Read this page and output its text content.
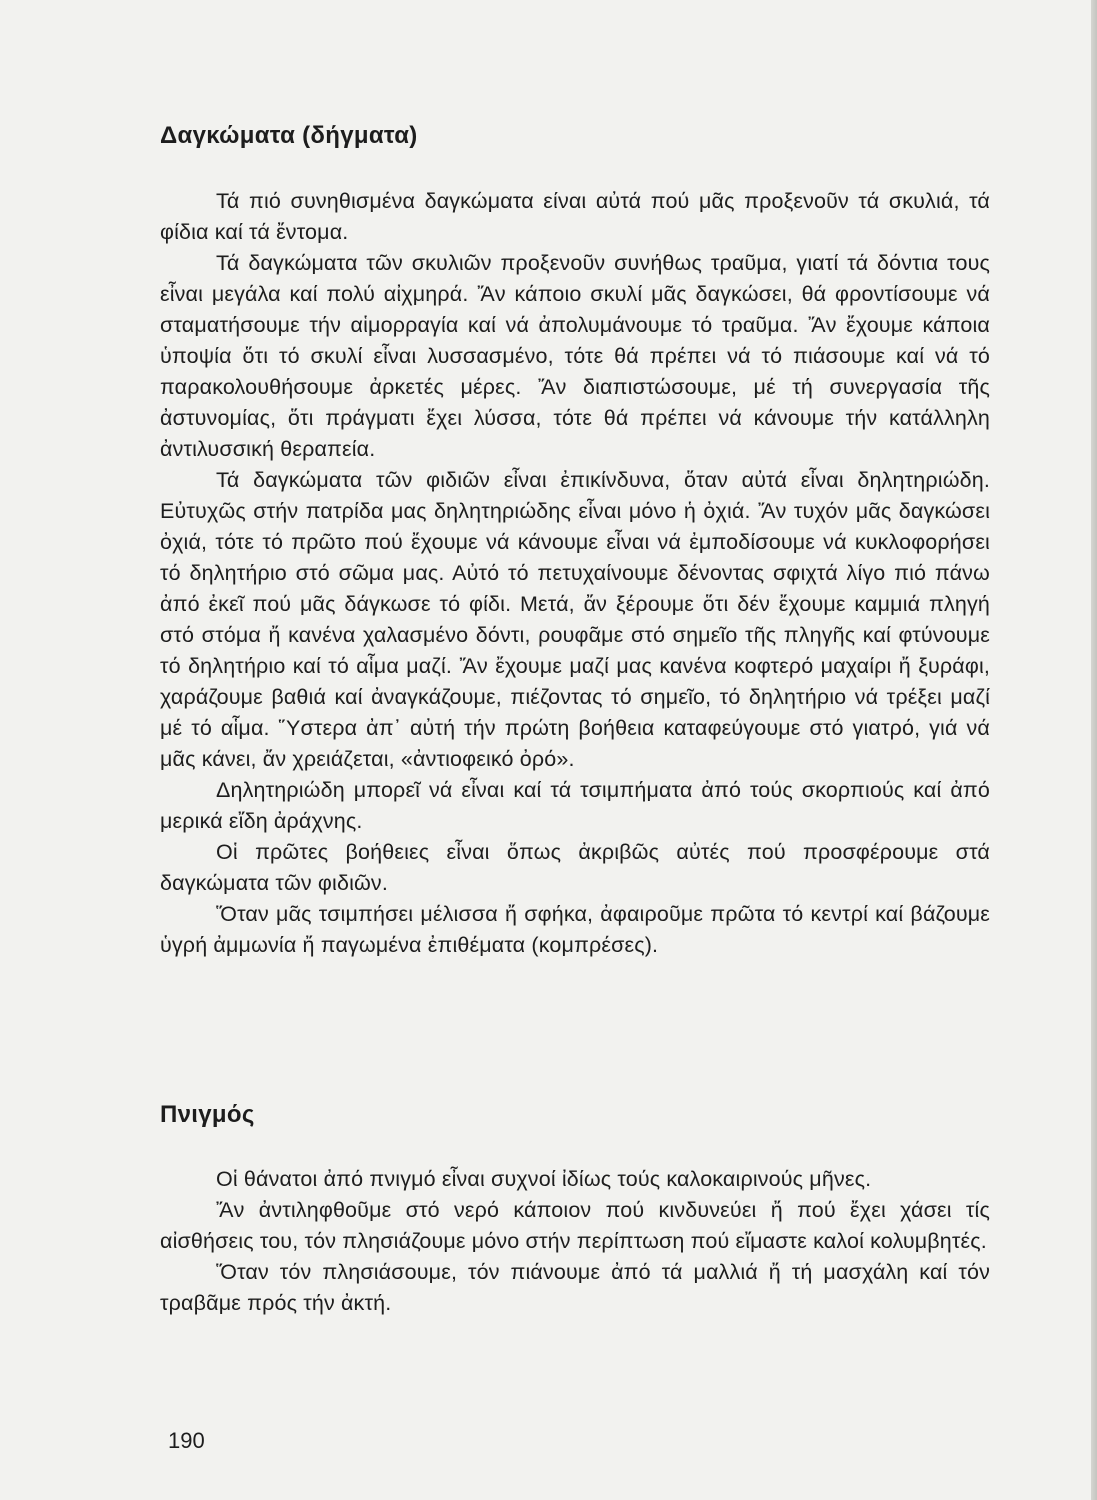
Δαγκώματα (δήγματα)

Τά πιό συνηθισμένα δαγκώματα είναι αὐτά πού μᾶς προξενοῦν τά σκυλιά, τά φίδια καί τά ἔντομα.

Τά δαγκώματα τῶν σκυλιῶν προξενοῦν συνήθως τραῦμα, γιατί τά δόντια τους εἶναι μεγάλα καί πολύ αἰχμηρά. Ἄν κάποιο σκυλί μᾶς δαγκώσει, θά φροντίσουμε νά σταματήσουμε τήν αἱμορραγία καί νά ἀπολυμάνουμε τό τραῦμα. Ἄν ἔχουμε κάποια ὑποψία ὅτι τό σκυλί εἶναι λυσσασμένο, τότε θά πρέπει νά τό πιάσουμε καί νά τό παρακολουθήσουμε ἀρκετές μέρες. Ἄν διαπιστώσουμε, μέ τή συνεργασία τῆς ἀστυνομίας, ὅτι πράγματι ἔχει λύσσα, τότε θά πρέπει νά κάνουμε τήν κατάλληλη ἀντιλυσσική θεραπεία.

Τά δαγκώματα τῶν φιδιῶν εἶναι ἐπικίνδυνα, ὅταν αὐτά εἶναι δηλητηριώδη. Εὐτυχῶς στήν πατρίδα μας δηλητηριώδης εἶναι μόνο ἡ ὀχιά. Ἄν τυχόν μᾶς δαγκώσει ὀχιά, τότε τό πρῶτο πού ἔχουμε νά κάνουμε εἶναι νά ἐμποδίσουμε νά κυκλοφορήσει τό δηλητήριο στό σῶμα μας. Αὐτό τό πετυχαίνουμε δένοντας σφιχτά λίγο πιό πάνω ἀπό ἐκεῖ πού μᾶς δάγκωσε τό φίδι. Μετά, ἄν ξέρουμε ὅτι δέν ἔχουμε καμμιά πληγή στό στόμα ἤ κανένα χαλασμένο δόντι, ρουφᾶμε στό σημεῖο τῆς πληγῆς καί φτύνουμε τό δηλητήριο καί τό αἷμα μαζί. Ἄν ἔχουμε μαζί μας κανένα κοφτερό μαχαίρι ἤ ξυράφι, χαράζουμε βαθιά καί ἀναγκάζουμε, πιέζοντας τό σημεῖο, τό δηλητήριο νά τρέξει μαζί μέ τό αἷμα. Ὕστερα ἀπ᾿ αὐτή τήν πρώτη βοήθεια καταφεύγουμε στό γιατρό, γιά νά μᾶς κάνει, ἄν χρειάζεται, «ἀντιοφεικό ὀρό».

Δηλητηριώδη μπορεῖ νά εἶναι καί τά τσιμπήματα ἀπό τούς σκορπιούς καί ἀπό μερικά εἴδη ἀράχνης.

Οἱ πρῶτες βοήθειες εἶναι ὅπως ἀκριβῶς αὐτές πού προσφέρουμε στά δαγκώματα τῶν φιδιῶν.

Ὅταν μᾶς τσιμπήσει μέλισσα ἤ σφήκα, ἀφαιροῦμε πρῶτα τό κεντρί καί βάζουμε ὑγρή ἀμμωνία ἤ παγωμένα ἐπιθέματα (κομπρέσες).

Πνιγμός

Οἱ θάνατοι ἀπό πνιγμό εἶναι συχνοί ἰδίως τούς καλοκαιρινούς μῆνες.

Ἄν ἀντιληφθοῦμε στό νερό κάποιον πού κινδυνεύει ἤ πού ἔχει χάσει τίς αἰσθήσεις του, τόν πλησιάζουμε μόνο στήν περίπτωση πού εἴμαστε καλοί κολυμβητές.

Ὅταν τόν πλησιάσουμε, τόν πιάνουμε ἀπό τά μαλλιά ἤ τή μασχάλη καί τόν τραβᾶμε πρός τήν ἀκτή.

190
